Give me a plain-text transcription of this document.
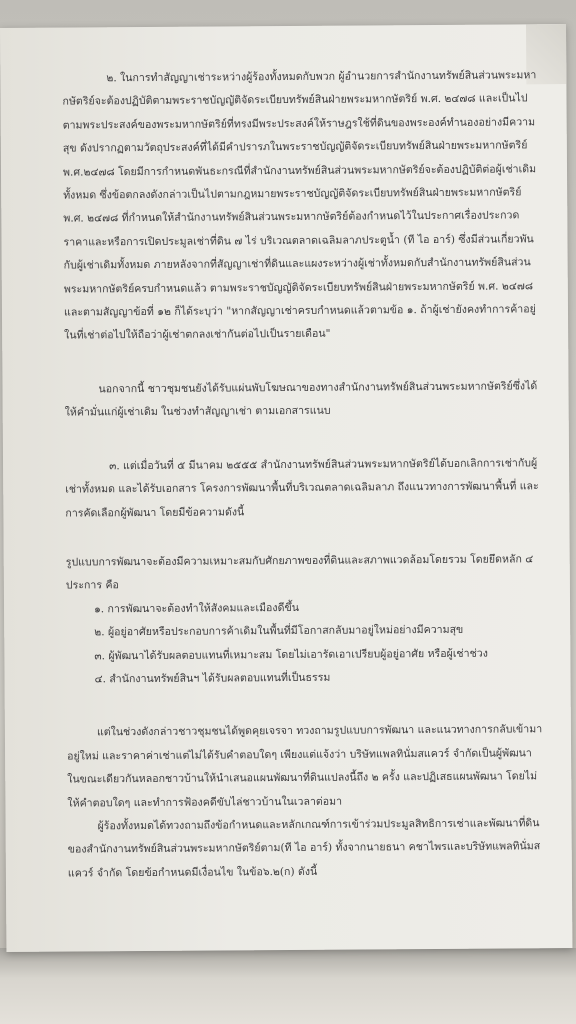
๒. ในการทำสัญญาเช่าระหว่างผู้ร้องทั้งหมดกับพวก ผู้อำนวยการสำนักงานทรัพย์สินส่วนพระมหากษัตริย์จะต้องปฏิบัติตามพระราชบัญญัติจัดระเบียบทรัพย์สินฝ่ายพระมหากษัตริย์ พ.ศ. ๒๔๗๘ และเป็นไปตามพระประสงค์ของพระมหากษัตริย์ที่ทรงมีพระประสงค์ให้ราษฎรใช้ที่ดินของพระองค์ทำนองอย่างมีความสุข ดังปรากฏตามวัตถุประสงค์ที่ได้มีคำปรารภในพระราชบัญญัติจัดระเบียบทรัพย์สินฝ่ายพระมหากษัตริย์ พ.ศ.๒๔๗๘ โดยมีการกำหนดพันธะกรณีที่สำนักงานทรัพย์สินส่วนพระมหากษัตริย์จะต้องปฏิบัติต่อผู้เช่าเดิมทั้งหมด ซึ่งข้อตกลงดังกล่าวเป็นไปตามกฎหมายพระราชบัญญัติจัดระเบียบทรัพย์สินฝ่ายพระมหากษัตริย์ พ.ศ. ๒๔๗๘ ที่กำหนดให้สำนักงานทรัพย์สินส่วนพระมหากษัตริย์ต้องกำหนดไว้ในประกาศเรื่องประกวดราคาและหรือการเปิดประมูลเช่าที่ดิน ๗ ไร่ บริเวณตลาดเฉลิมลาภประตูน้ำ (ที ไอ อาร์) ซึ่งมีส่วนเกี่ยวพันกับผู้เช่าเดิมทั้งหมด ภายหลังจากที่สัญญาเช่าที่ดินและแผงระหว่างผู้เช่าทั้งหมดกับสำนักงานทรัพย์สินส่วนพระมหากษัตริย์ครบกำหนดแล้ว ตามพระราชบัญญัติจัดระเบียบทรัพย์สินฝ่ายพระมหากษัตริย์ พ.ศ. ๒๔๗๘ และตามสัญญาข้อที่ ๑๒ ก็ได้ระบุว่า "หากสัญญาเช่าครบกำหนดแล้วตามข้อ ๑. ถ้าผู้เช่ายังคงทำการค้าอยู่ในที่เช่าต่อไปให้ถือว่าผู้เช่าตกลงเช่ากันต่อไปเป็นรายเดือน"

นอกจากนี้ ชาวชุมชนยังได้รับแผ่นพับโฆษณาของทางสำนักงานทรัพย์สินส่วนพระมหากษัตริย์ซึ่งได้ให้คำมั่นแก่ผู้เช่าเดิม ในช่วงทำสัญญาเช่า ตามเอกสารแนบ

๓. แต่เมื่อวันที่ ๕ มีนาคม ๒๕๕๕ สำนักงานทรัพย์สินส่วนพระมหากษัตริย์ได้บอกเลิกการเช่ากับผู้เช่าทั้งหมด และได้รับเอกสาร โครงการพัฒนาพื้นที่บริเวณตลาดเฉลิมลาภ ถึงแนวทางการพัฒนาพื้นที่ และการคัดเลือกผู้พัฒนา โดยมีข้อความดังนี้

รูปแบบการพัฒนาจะต้องมีความเหมาะสมกับศักยภาพของที่ดินและสภาพแวดล้อมโดยรวม โดยยึดหลัก ๔ ประการ คือ

๑. การพัฒนาจะต้องทำให้สังคมและเมืองดีขึ้น
๒. ผู้อยู่อาศัยหรือประกอบการค้าเดิมในพื้นที่มีโอกาสกลับมาอยู่ใหม่อย่างมีความสุข
๓. ผู้พัฒนาได้รับผลตอบแทนที่เหมาะสม โดยไม่เอารัดเอาเปรียบผู้อยู่อาศัย หรือผู้เช่าช่วง
๔. สำนักงานทรัพย์สินฯ ได้รับผลตอบแทนที่เป็นธรรม

แต่ในช่วงดังกล่าวชาวชุมชนได้พูดคุยเจรจา ทวงถามรูปแบบการพัฒนา และแนวทางการกลับเข้ามาอยู่ใหม่ และราคาค่าเช่าแต่ไม่ได้รับคำตอบใดๆ เพียงแต่แจ้งว่า บริษัทแพลทินั่มสแควร์ จำกัดเป็นผู้พัฒนา ในขณะเดียวกันหลอกชาวบ้านให้นำเสนอแผนพัฒนาที่ดินแปลงนี้ถึง ๒ ครั้ง และปฏิเสธแผนพัฒนา โดยไม่ให้คำตอบใดๆ และทำการฟ้องคดีขับไล่ชาวบ้านในเวลาต่อมา

ผู้ร้องทั้งหมดได้ทวงถามถึงข้อกำหนดและหลักเกณฑ์การเข้าร่วมประมูลสิทธิการเช่าและพัฒนาที่ดินของสำนักงานทรัพย์สินส่วนพระมหากษัตริย์ตาม(ที ไอ อาร์) ทั้งจากนายธนา คชาไพรและบริษัทแพลทินั่มสแควร์ จำกัด โดยข้อกำหนดมีเงื่อนไข ในข้อ๖.๒(ก) ดังนี้
